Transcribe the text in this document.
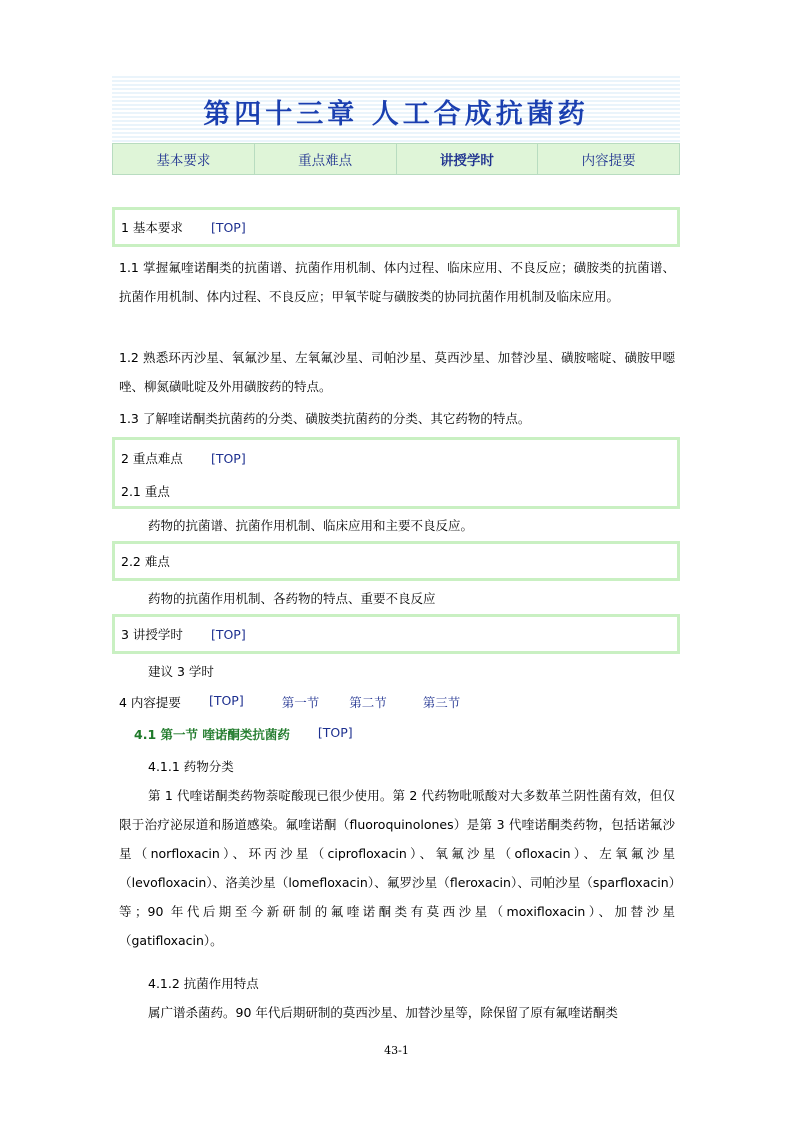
第四十三章 人工合成抗菌药
基本要求	重点难点	讲授学时	内容提要
1 基本要求 [TOP]
1.1 掌握氟喹诺酮类的抗菌谱、抗菌作用机制、体内过程、临床应用、不良反应；磺胺类的抗菌谱、抗菌作用机制、体内过程、不良反应；甲氧苄啶与磺胺类的协同抗菌作用机制及临床应用。
1.2 熟悉环丙沙星、氧氟沙星、左氧氟沙星、司帕沙星、莫西沙星、加替沙星、磺胺嘧啶、磺胺甲噁唑、柳氮磺吡啶及外用磺胺药的特点。
1.3 了解喹诺酮类抗菌药的分类、磺胺类抗菌药的分类、其它药物的特点。
2 重点难点 [TOP]
2.1 重点
药物的抗菌谱、抗菌作用机制、临床应用和主要不良反应。
2.2 难点
药物的抗菌作用机制、各药物的特点、重要不良反应
3 讲授学时 [TOP]
建议 3 学时
4 内容提要 [TOP]	第一节 第二节	第三节
4.1 第一节 喹诺酮类抗菌药 [TOP]
4.1.1 药物分类
第 1 代喹诺酮类药物萘啶酸现已很少使用。第 2 代药物吡哌酸对大多数革兰阴性菌有效，但仅限于治疗泌尿道和肠道感染。氟喹诺酮（fluoroquinolones）是第 3 代喹诺酮类药物，包括诺氟沙星（norfloxacin）、环丙沙星（ciprofloxacin）、氧氟沙星（ofloxacin）、左氧氟沙星（levofloxacin）、洛美沙星（lomefloxacin）、氟罗沙星（fleroxacin）、司帕沙星（sparfloxacin）等；90 年代后期至今新研制的氟喹诺酮类有莫西沙星（moxifloxacin）、加替沙星（gatifloxacin）。
4.1.2 抗菌作用特点
属广谱杀菌药。90 年代后期研制的莫西沙星、加替沙星等，除保留了原有氟喹诺酮类
43-1
